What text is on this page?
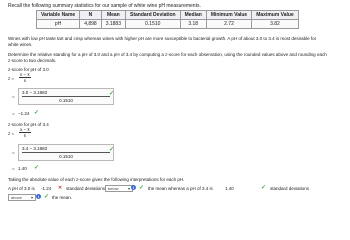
Recall the following summary statistics for our sample of white wine pH measurements.
Variable Name	N	Mean	Standard Deviation	Median	Minimum Value	Maximum Value
pH	4,898	3.1883	0.1510	3.18	2.72	3.82
Wines with low pH taste tart and crisp whereas wines with higher pH are more susceptible to bacterial growth. A pH of about 3.0 to 3.4 is most desirable for
white wines.
Determine the relative standing for a pH of 3.0 and a pH of 3.4 by computing a z-score for each observation, using the rounded values above and rounding each
z-score to two decimals.
z-score for pH of 3.0
$z = \frac{x - x̄}{s}$
= $\frac{3.0 - 3.1883}{0.1510}$
✓
= −1.24 ✓
z-score for pH of 3.4
$z = \frac{x - x̄}{s}$
= $\frac{3.4 - 3.1883}{0.1510}$
✓
= 1.40 ✓
Taking the absolute value of each z-score gives the following interpretations for each pH.
A pH of 3.0 is -1.24 ✕ standard deviations below ▾ i ✓ the mean whereas a pH of 3.4 is	1.40	✓ standard deviations
above ▾	i ✓ the mean.
